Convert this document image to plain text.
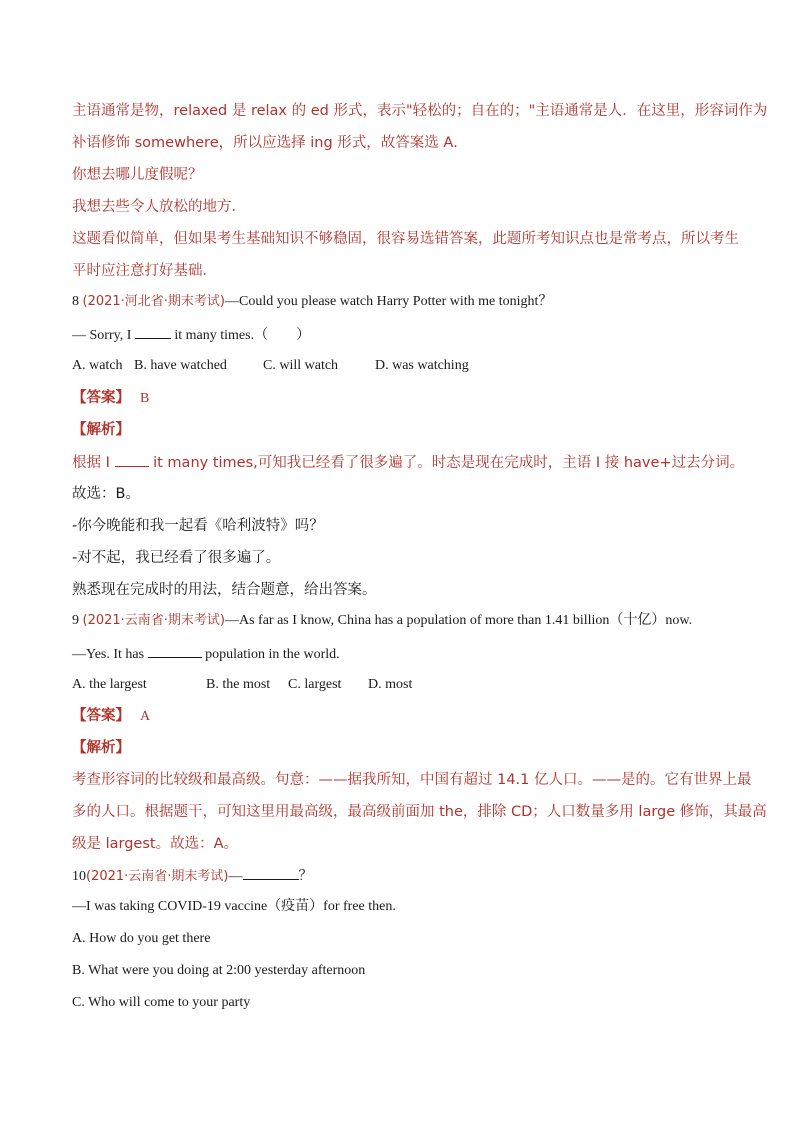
主语通常是物，relaxed 是 relax 的 ed 形式，表示"轻松的；自在的；"主语通常是人．在这里，形容词作为
补语修饰 somewhere，所以应选择 ing 形式，故答案选 A．
你想去哪儿度假呢？
我想去些令人放松的地方．
这题看似简单，但如果考生基础知识不够稳固，很容易选错答案，此题所考知识点也是常考点，所以考生
平时应注意打好基础．
8 (2021·河北省·期末考试)—Could you please watch Harry Potter with me tonight？
— Sorry, I	it many times.（　　）
A. watch B. have watched	C. will watch	D. was watching
【答案】 B
【解析】
根据 I	it many times,可知我已经看了很多遍了。时态是现在完成时，主语 I 接 have+过去分词。
故选：B。
-你今晚能和我一起看《哈利波特》吗？
-对不起，我已经看了很多遍了。
熟悉现在完成时的用法，结合题意，给出答案。
9 (2021·云南省·期末考试)—As far as I know, China has a population of more than 1.41 billion（十亿）now.
—Yes. It has	population in the world.
A. the largest	B. the most C. largest D. most
【答案】 A
【解析】
考查形容词的比较级和最高级。句意：——据我所知，中国有超过 14.1 亿人口。——是的。它有世界上最
多的人口。根据题干，可知这里用最高级，最高级前面加 the，排除 CD；人口数量多用 large 修饰，其最高
级是 largest。故选：A。
10(2021·云南省·期末考试)—	？
—I was taking COVID-19 vaccine（疫苗）for free then.
A. How do you get there
B. What were you doing at 2:00 yesterday afternoon
C. Who will come to your party
